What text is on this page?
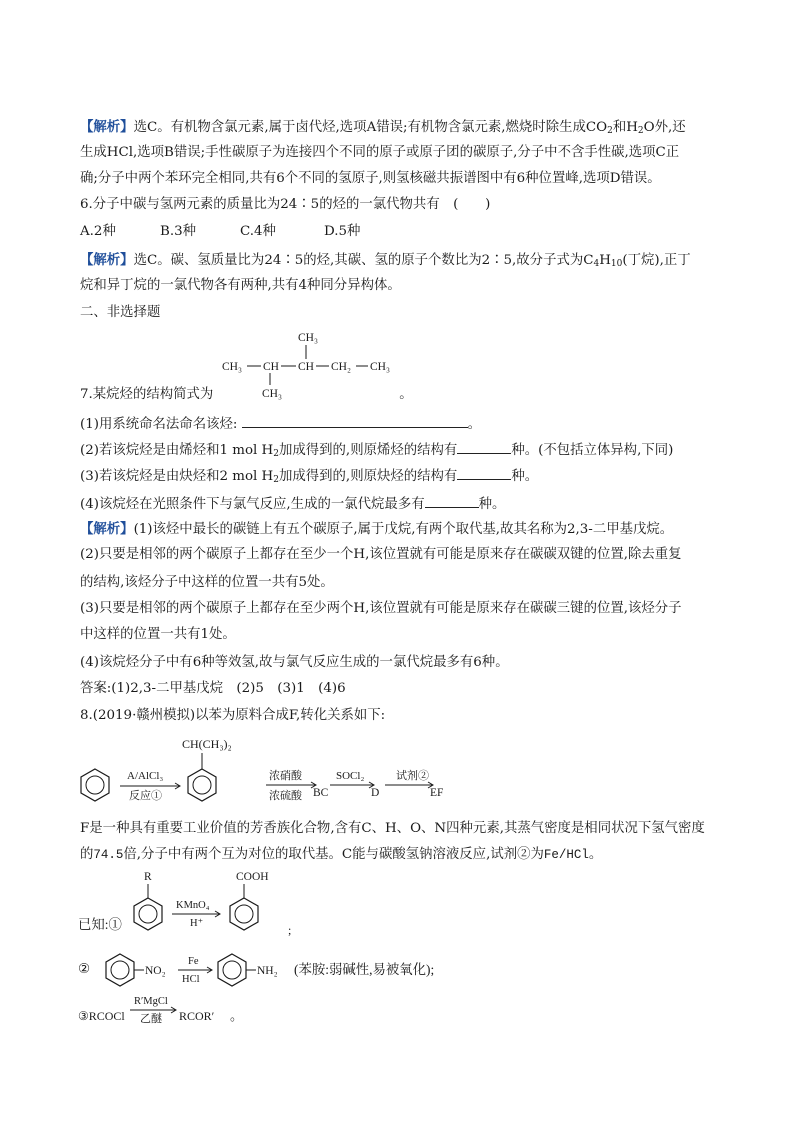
【解析】选C。有机物含氯元素,属于卤代烃,选项A错误;有机物含氯元素,燃烧时除生成$CO_2$和$H_2O$外,还
生成HCl,选项B错误;手性碳原子为连接四个不同的原子或原子团的碳原子,分子中不含手性碳,选项C正
确;分子中两个苯环完全相同,共有6个不同的氢原子,则氢核磁共振谱图中有6种位置峰,选项D错误。
6.分子中碳与氢两元素的质量比为24∶5的烃的一氯代物共有　(　　)
A.2种	B.3种	C.4种	D.5种
【解析】选C。碳、氢质量比为24∶5的烃,其碳、氢的原子个数比为2∶5,故分子式为$C_4H_{10}$(丁烷),正丁
烷和异丁烷的一氯代物各有两种,共有4种同分异构体。
二、非选择题
CH₃
CH₃ CH CH CH₂ CH₃
CH₃
7.某烷烃的结构简式为	。
(1)用系统命名法命名该烃:	。
(2)若该烷烃是由烯烃和1 mol $H_2$加成得到的,则原烯烃的结构有	种。(不包括立体异构,下同)
(3)若该烷烃是由炔烃和2 mol $H_2$加成得到的,则原炔烃的结构有	种。
(4)该烷烃在光照条件下与氯气反应,生成的一氯代烷最多有	种。
【解析】(1)该烃中最长的碳链上有五个碳原子,属于戊烷,有两个取代基,故其名称为2,3-二甲基戊烷。
(2)只要是相邻的两个碳原子上都存在至少一个H,该位置就有可能是原来存在碳碳双键的位置,除去重复
的结构,该烃分子中这样的位置一共有5处。
(3)只要是相邻的两个碳原子上都存在至少两个H,该位置就有可能是原来存在碳碳三键的位置,该烃分子
中这样的位置一共有1处。
(4)该烷烃分子中有6种等效氢,故与氯气反应生成的一氯代烷最多有6种。
答案:(1)2,3-二甲基戊烷　(2)5　(3)1　(4)6
8.(2019·赣州模拟)以苯为原料合成F,转化关系如下:
A/AlCl₃
反应①
CH(CH₃)₂
浓硝酸
浓硫酸 BC
SOCl₂
D
试剂②
EF
F是一种具有重要工业价值的芳香族化合物,含有C、H、O、N四种元素,其蒸气密度是相同状况下氢气密度
的74.5倍,分子中有两个互为对位的取代基。C能与碳酸氢钠溶液反应,试剂②为Fe/HCl。
已知:①
R
KMnO₄
H⁺
COOH
;
②	NO₂
Fe
HCl
NH₂ (苯胺:弱碱性,易被氧化);
③RCOCl
R′MgCl
乙醚 RCOR′ 。
